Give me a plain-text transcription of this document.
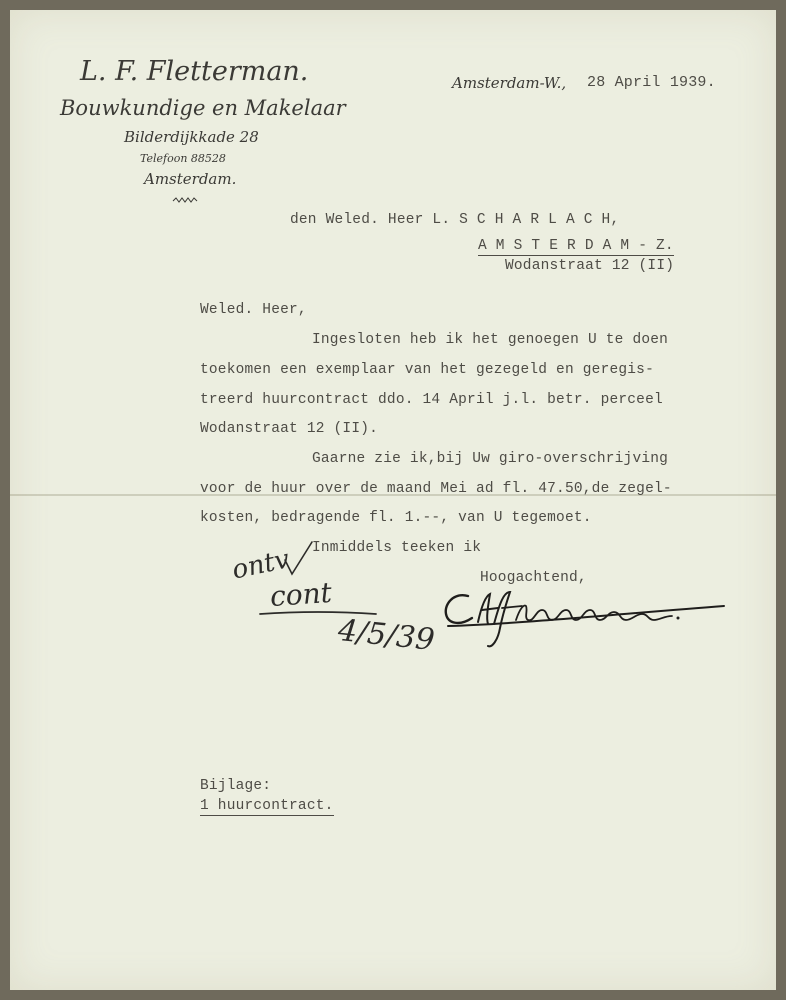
L. F. Fletterman.
Bouwkundige en Makelaar
Bilderdijkkade 28
Telefoon 88528
Amsterdam.
Amsterdam-W., 28 April 1939.
den Weled. Heer L. S C H A R L A C H,
A M S T E R D A M - Z.
Wodanstraat 12 (II)
Weled. Heer,
Ingesloten heb ik het genoegen U te doen
toekomen een exemplaar van het gezegeld en geregis-
treerd huurcontract ddo. 14 April j.l. betr. perceel
Wodanstraat 12 (II).
Gaarne zie ik,bij Uw giro-overschrijving
voor de huur over de maand Mei ad fl. 47.50,de zegel-
kosten, bedragende fl. 1.--, van U tegemoet.
Inmiddels teeken ik
Hoogachtend,
ontv
cont
4/5/39
Bijlage:
1 huurcontract.
